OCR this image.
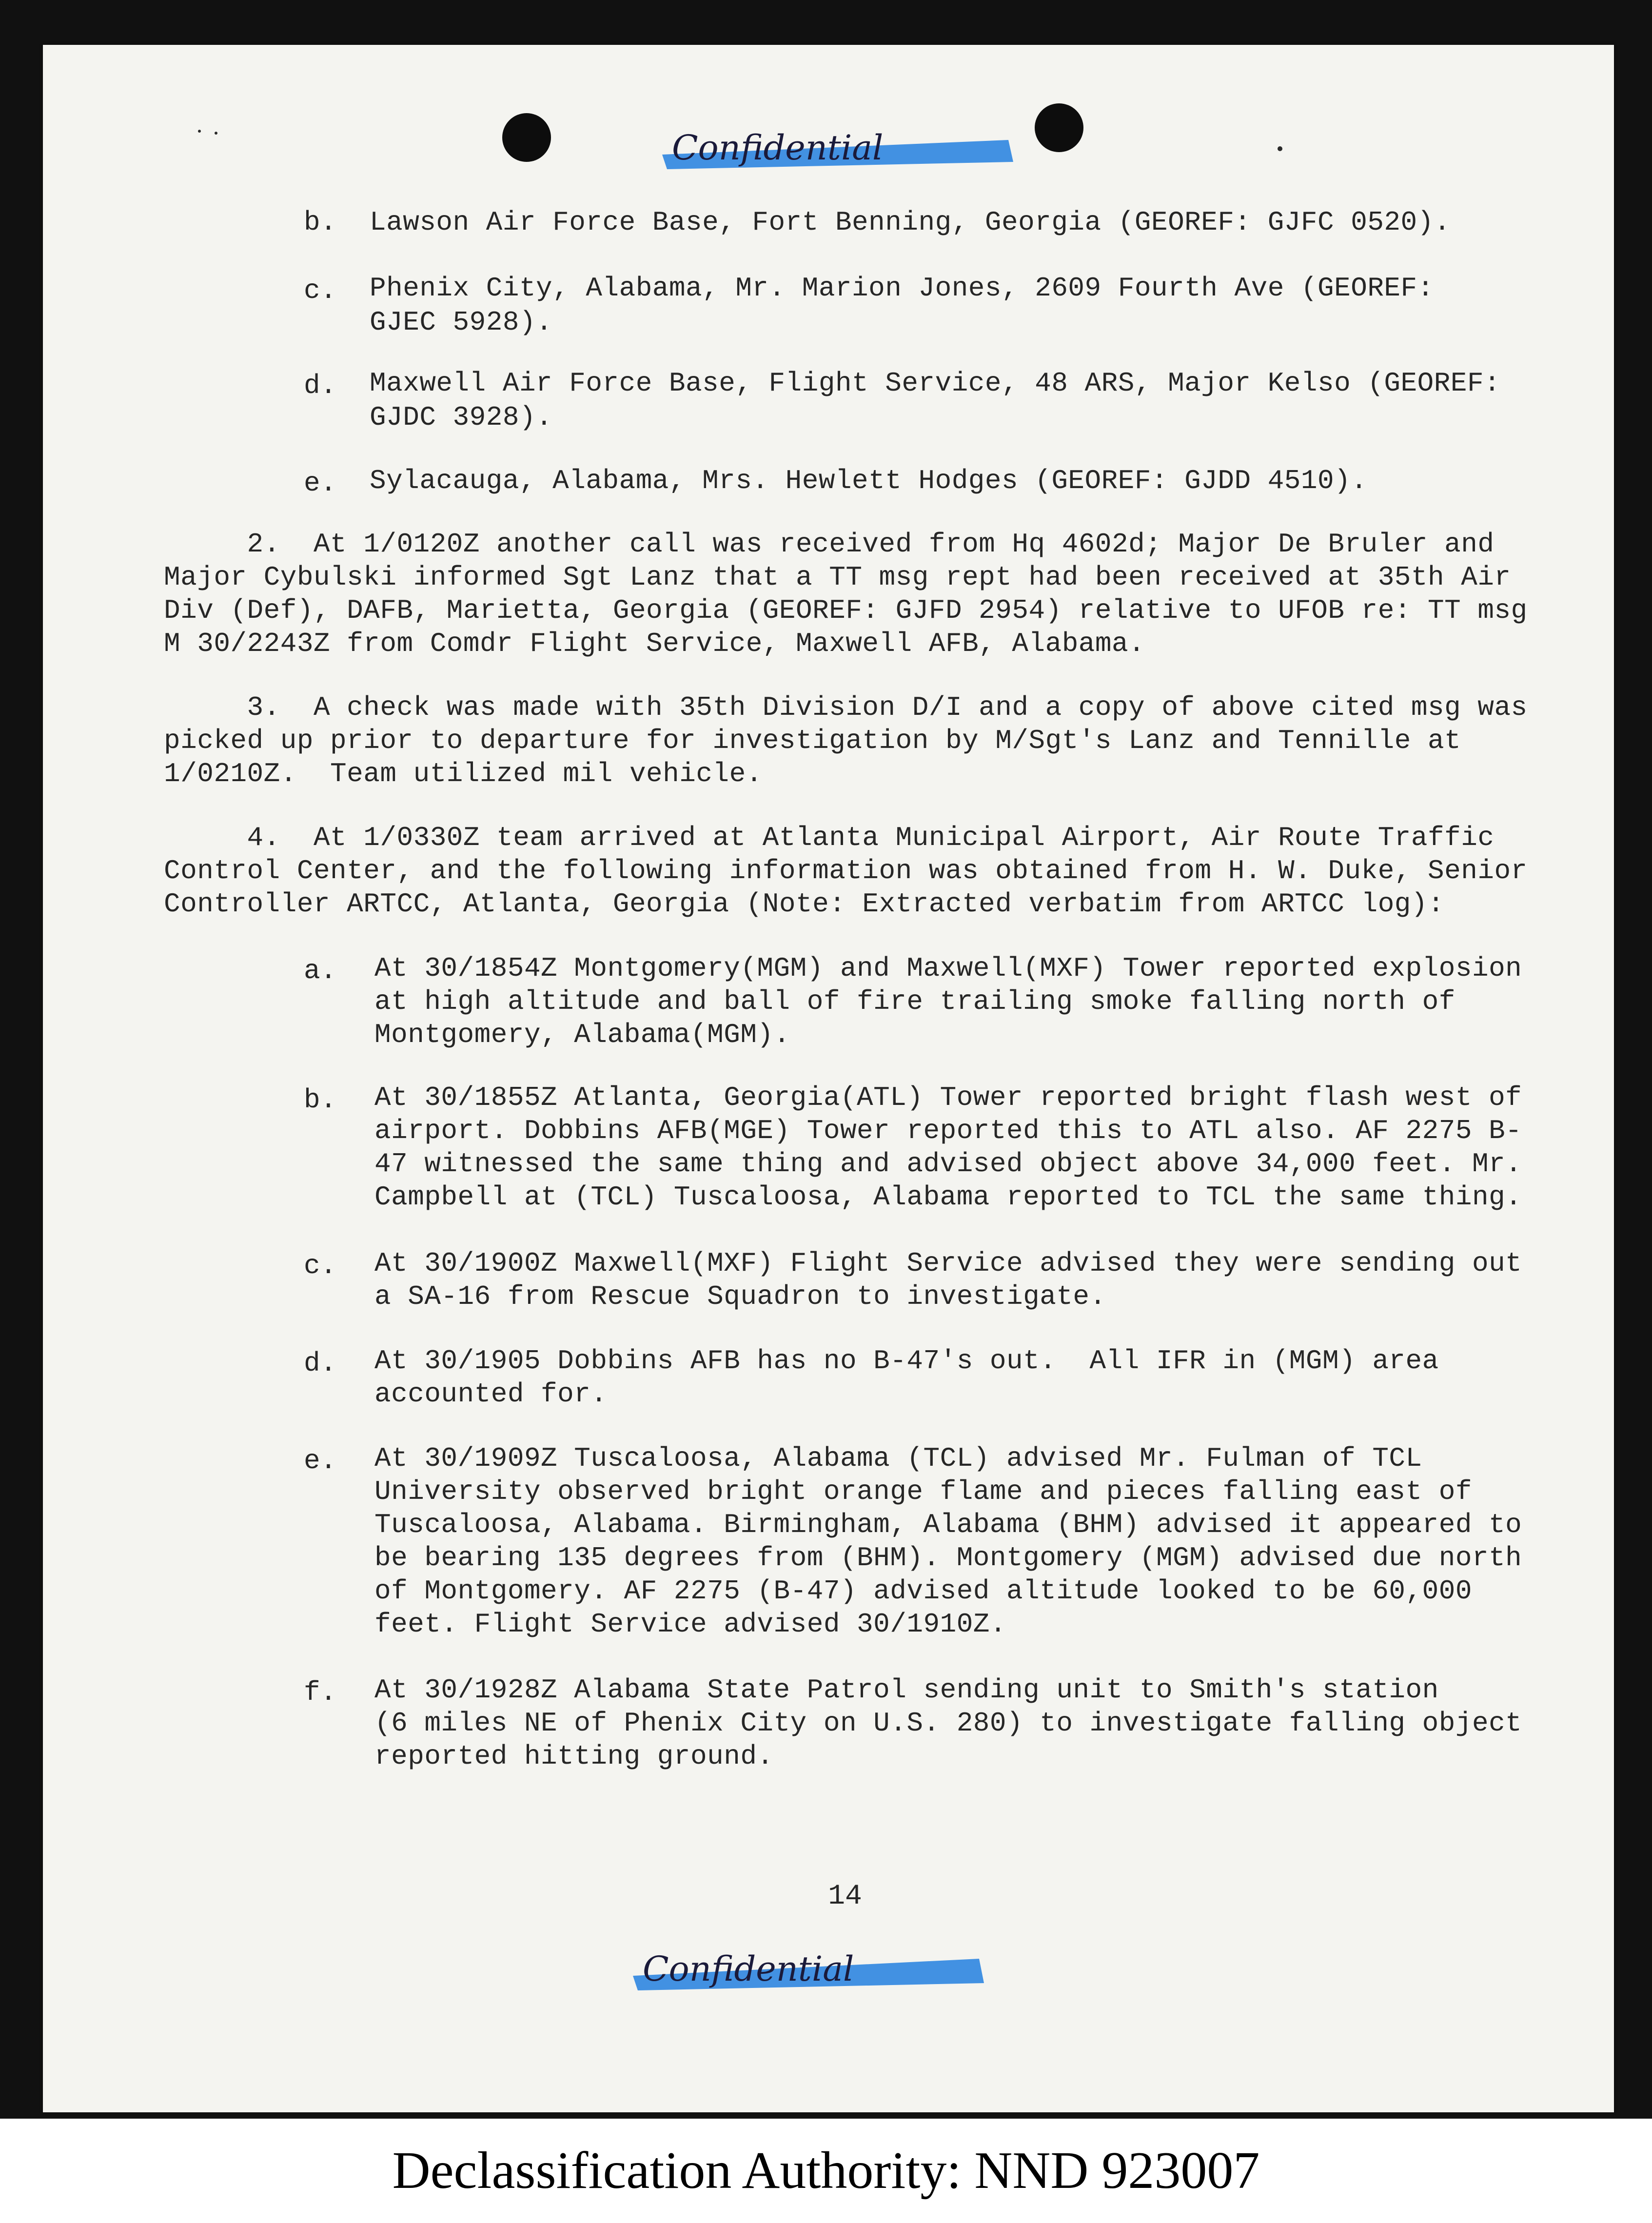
Confidential
b. Lawson Air Force Base, Fort Benning, Georgia (GEOREF: GJFC 0520).
c. Phenix City, Alabama, Mr. Marion Jones, 2609 Fourth Ave (GEOREF:
GJEC 5928).
d. Maxwell Air Force Base, Flight Service, 48 ARS, Major Kelso (GEOREF:
GJDC 3928).
e. Sylacauga, Alabama, Mrs. Hewlett Hodges (GEOREF: GJDD 4510).
2.  At 1/0120Z another call was received from Hq 4602d; Major De Bruler and
Major Cybulski informed Sgt Lanz that a TT msg rept had been received at 35th Air
Div (Def), DAFB, Marietta, Georgia (GEOREF: GJFD 2954) relative to UFOB re: TT msg
M 30/2243Z from Comdr Flight Service, Maxwell AFB, Alabama.
3.  A check was made with 35th Division D/I and a copy of above cited msg was
picked up prior to departure for investigation by M/Sgt's Lanz and Tennille at
1/0210Z.  Team utilized mil vehicle.
4.  At 1/0330Z team arrived at Atlanta Municipal Airport, Air Route Traffic
Control Center, and the following information was obtained from H. W. Duke, Senior
Controller ARTCC, Atlanta, Georgia (Note: Extracted verbatim from ARTCC log):
a. At 30/1854Z Montgomery(MGM) and Maxwell(MXF) Tower reported explosion
at high altitude and ball of fire trailing smoke falling north of
Montgomery, Alabama(MGM).
b. At 30/1855Z Atlanta, Georgia(ATL) Tower reported bright flash west of
airport. Dobbins AFB(MGE) Tower reported this to ATL also. AF 2275 B-
47 witnessed the same thing and advised object above 34,000 feet. Mr.
Campbell at (TCL) Tuscaloosa, Alabama reported to TCL the same thing.
c. At 30/1900Z Maxwell(MXF) Flight Service advised they were sending out
a SA-16 from Rescue Squadron to investigate.
d. At 30/1905 Dobbins AFB has no B-47's out.  All IFR in (MGM) area
accounted for.
e. At 30/1909Z Tuscaloosa, Alabama (TCL) advised Mr. Fulman of TCL
University observed bright orange flame and pieces falling east of
Tuscaloosa, Alabama. Birmingham, Alabama (BHM) advised it appeared to
be bearing 135 degrees from (BHM). Montgomery (MGM) advised due north
of Montgomery. AF 2275 (B-47) advised altitude looked to be 60,000
feet. Flight Service advised 30/1910Z.
f. At 30/1928Z Alabama State Patrol sending unit to Smith's station
(6 miles NE of Phenix City on U.S. 280) to investigate falling object
reported hitting ground.
14
Confidential
Declassification Authority: NND 923007
